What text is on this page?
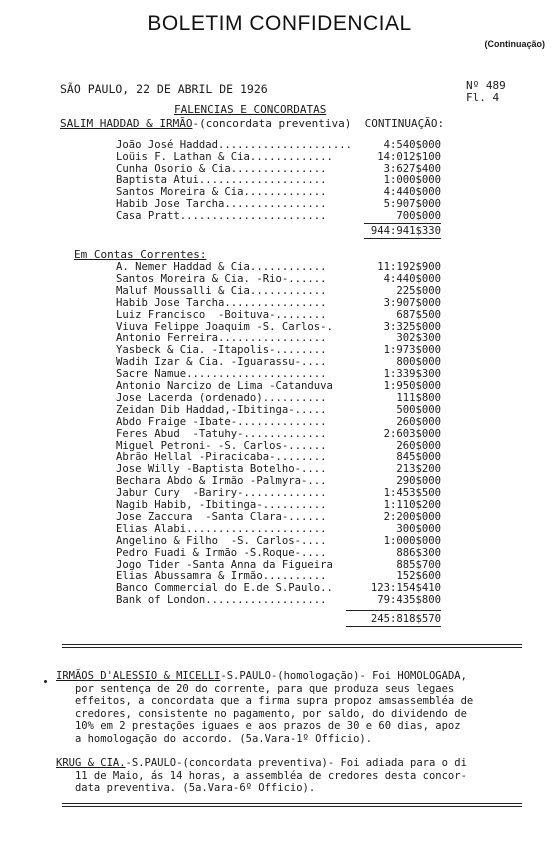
BOLETIM CONFIDENCIAL
(Continuação)
SÃO PAULO, 22 DE ABRIL DE 1926	Nº 489
Fl. 4
FALENCIAS E CONCORDATAS
SALIM HADDAD & IRMÃO-(concordata preventiva)  CONTINUAÇÃO:
João José Haddad.....................	4:540$000
Loüis F. Lathan & Cia.............	14:012$100
Cunha Osorio & Cia...............	3:627$400
Baptista Atui....................	1:000$000
Santos Moreira & Cia.............	4:440$000
Habib Jose Tarcha................	5:907$000
Casa Pratt.......................	700$000
944:941$330
Em Contas Correntes:
A. Nemer Haddad & Cia............	11:192$900
Santos Moreira & Cia. -Rio-......	4:440$000
Maluf Moussalli & Cia............	225$000
Habib Jose Tarcha................	3:907$000
Luiz Francisco  -Boituva-........	687$500
Viuva Felippe Joaquim -S. Carlos-.	3:325$000
Antonio Ferreira.................	302$300
Yasbeck & Cia. -Itapolis-........	1:973$000
Wadih Izar & Cia. -Iguarassu-....	800$000
Sacre Namue......................	1:339$300
Antonio Narcizo de Lima -Catanduva	1:950$000
Jose Lacerda (ordenado)..........	111$800
Zeidan Dib Haddad,-Ibitinga-.....	500$000
Abdo Fraige -Ibate-..............	260$000
Feres Abud  -Tatuhy-.............	2:603$000
Miguel Petroni- -S. Carlos-......	260$000
Abrão Hellal -Piracicaba-........	845$000
Jose Willy -Baptista Botelho-....	213$200
Bechara Abdo & Irmão -Palmyra-...	290$000
Jabur Cury  -Bariry-.............	1:453$500
Nagib Habib, -Ibitinga-..........	1:110$200
Jose Zaccura  -Santa Clara-......	2:200$000
Elias Alabi......................	300$000
Angelino & Filho  -S. Carlos-....	1:000$000
Pedro Fuadi & Irmão -S.Roque-....	886$300
Jogo Tider -Santa Anna da Figueira	885$700
Elias Abussamra & Irmão..........	152$600
Banco Commercial do E.de S.Paulo..	123:154$410
Bank of London...................	79:435$800
245:818$570
IRMÃOS D'ALESSIO & MICELLI-S.PAULO-(homologação)- Foi HOMOLOGADA,
por sentença de 20 do corrente, para que produza seus legaes
effeitos, a concordata que a firma supra propoz amsassembléa de
credores, consistente no pagamento, por saldo, do dividendo de
10% em 2 prestações iguaes e aos prazos de 30 e 60 dias, apoz
a homologação do accordo. (5a.Vara-1º Officio).
KRUG & CIA.-S.PAULO-(concordata preventiva)- Foi adiada para o di
11 de Maio, ás 14 horas, a assembléa de credores desta concor-
data preventiva. (5a.Vara-6º Officio).
